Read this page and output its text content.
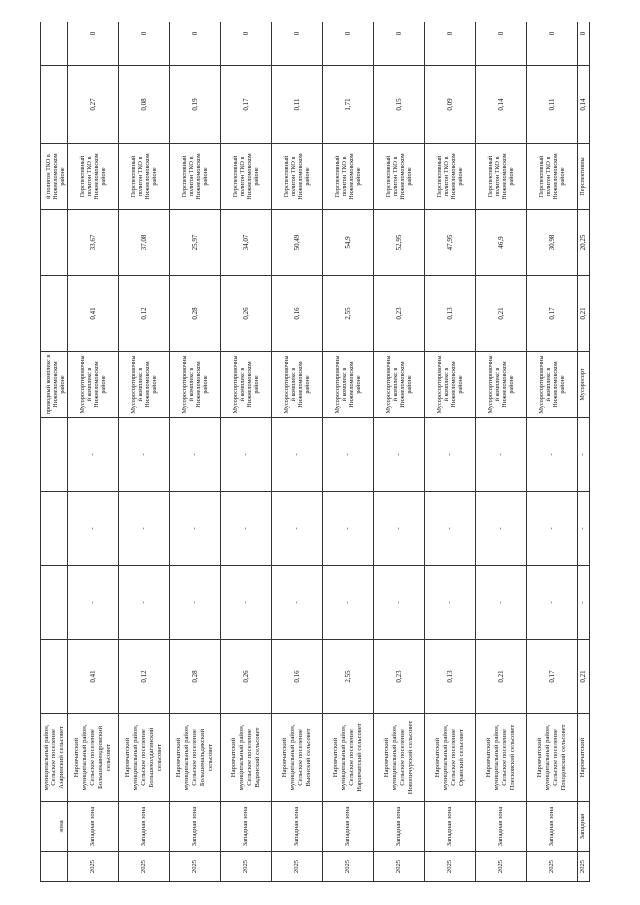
	зона	муниципальный район, Сельское поселение Азаринский сельсовет					проводный комплекс в Нижнеломовском районе			й полигон ТКО в Нижнеломовском районе		
2025	Западная зона	Наровчатский муниципальный район, Сельское поселение Большекавендровский сельсовет	0,41	-	-	-	Мусоросортировочный комплекс в Нижнеломовском районе	0,41	33,67	Перспективный полигон ТКО в Нижнеломовском районе	0,27	0
2025	Западная зона	Наровчатский муниципальный район, Сельское поселение Большеколдагинский сельсовет	0,12	-	-	-	Мусоросортировочный комплекс в Нижнеломовском районе	0,12	37,08	Перспективный полигон ТКО в Нижнеломовском районе	0,08	0
2025	Западная зона	Наровчатский муниципальный район, Сельское поселение Большемальдякский сельсовет	0,28	-	-	-	Мусоросортировочный комплекс в Нижнеломовском районе	0,28	25,97	Перспективный полигон ТКО в Нижнеломовском районе	0,19	0
2025	Западная зона	Наровчатский муниципальный район, Сельское поселение Вадинский сельсовет	0,26	-	-	-	Мусоросортировочный комплекс в Нижнеломовском районе	0,26	34,07	Перспективный полигон ТКО в Нижнеломовском районе	0,17	0
2025	Западная зона	Наровчатский муниципальный район, Сельское поселение Вьюнский сельсовет	0,16	-	-	-	Мусоросортировочный комплекс в Нижнеломовском районе	0,16	50,49	Перспективный полигон ТКО в Нижнеломовском районе	0,11	0
2025	Западная зона	Наровчатский муниципальный район, Сельское поселение Наровчатский сельсовет	2,55	-	-	-	Мусоросортировочный комплекс в Нижнеломовском районе	2,55	54,9	Перспективный полигон ТКО в Нижнеломовском районе	1,71	0
2025	Западная зона	Наровчатский муниципальный район, Сельское поселение Новопичурский сельсовет	0,23	-	-	-	Мусоросортировочный комплекс в Нижнеломовском районе	0,23	52,95	Перспективный полигон ТКО в Нижнеломовском районе	0,15	0
2025	Западная зона	Наровчатский муниципальный район, Сельское поселение Оранский сельсовет	0,13	-	-	-	Мусоросортировочный комплекс в Нижнеломовском районе	0,13	47,95	Перспективный полигон ТКО в Нижнеломовском районе	0,09	0
2025	Западная зона	Наровчатский муниципальный район, Сельское поселение Плесковский сельсовет	0,21	-	-	-	Мусоросортировочный комплекс в Нижнеломовском районе	0,21	46,9	Перспективный полигон ТКО в Нижнеломовском районе	0,14	0
2025	Западная зона	Наровчатский муниципальный район, Сельское поселение Походовский сельсовет	0,17	-	-	-	Мусоросортировочный комплекс в Нижнеломовском районе	0,17	30,98	Перспективный полигон ТКО в Нижнеломовском районе	0,11	0
2025	Западная	Наровчатский	0,21	-	-	-	Мусоросорт	0,21	20,25	Перспективны	0,14	0
